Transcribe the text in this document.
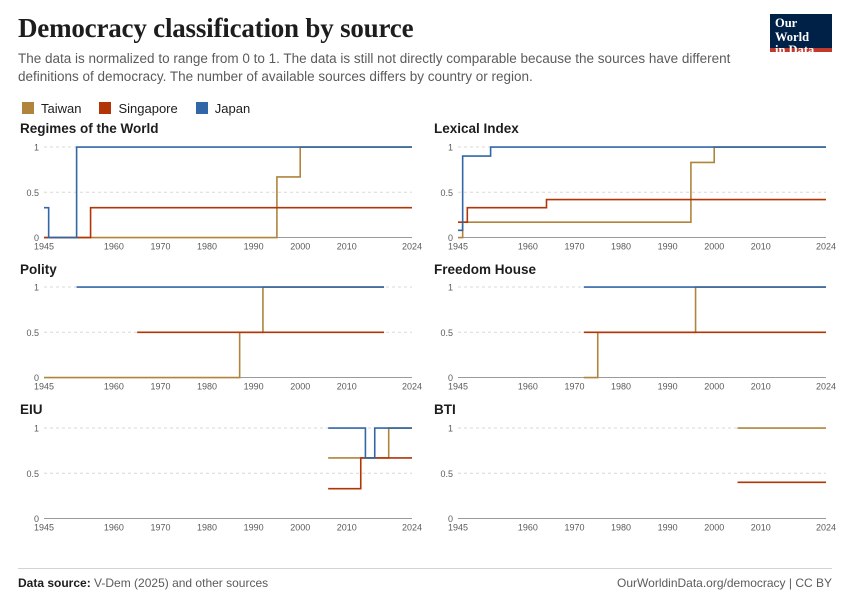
Democracy classification by source

The data is normalized to range from 0 to 1. The data is still not directly comparable because the sources have different definitions of democracy. The number of available sources differs by country or region.

Our World
in Data
Taiwan	Singapore	Japan
Regimes of the World
0
0.5
1
1945	1960	1970	1980	1990	2000	2010	2024
Lexical Index
0
0.5
1
1945	1960	1970	1980	1990	2000	2010	2024
Polity
0
0.5
1
1945	1960	1970	1980	1990	2000	2010	2024
Freedom House
0
0.5
1
1945	1960	1970	1980	1990	2000	2010	2024
EIU
0
0.5
1
1945	1960	1970	1980	1990	2000	2010	2024
BTI
0
0.5
1
1945	1960	1970	1980	1990	2000	2010	2024
Data source: V-Dem (2025) and other sources	OurWorldinData.org/democracy | CC BY
